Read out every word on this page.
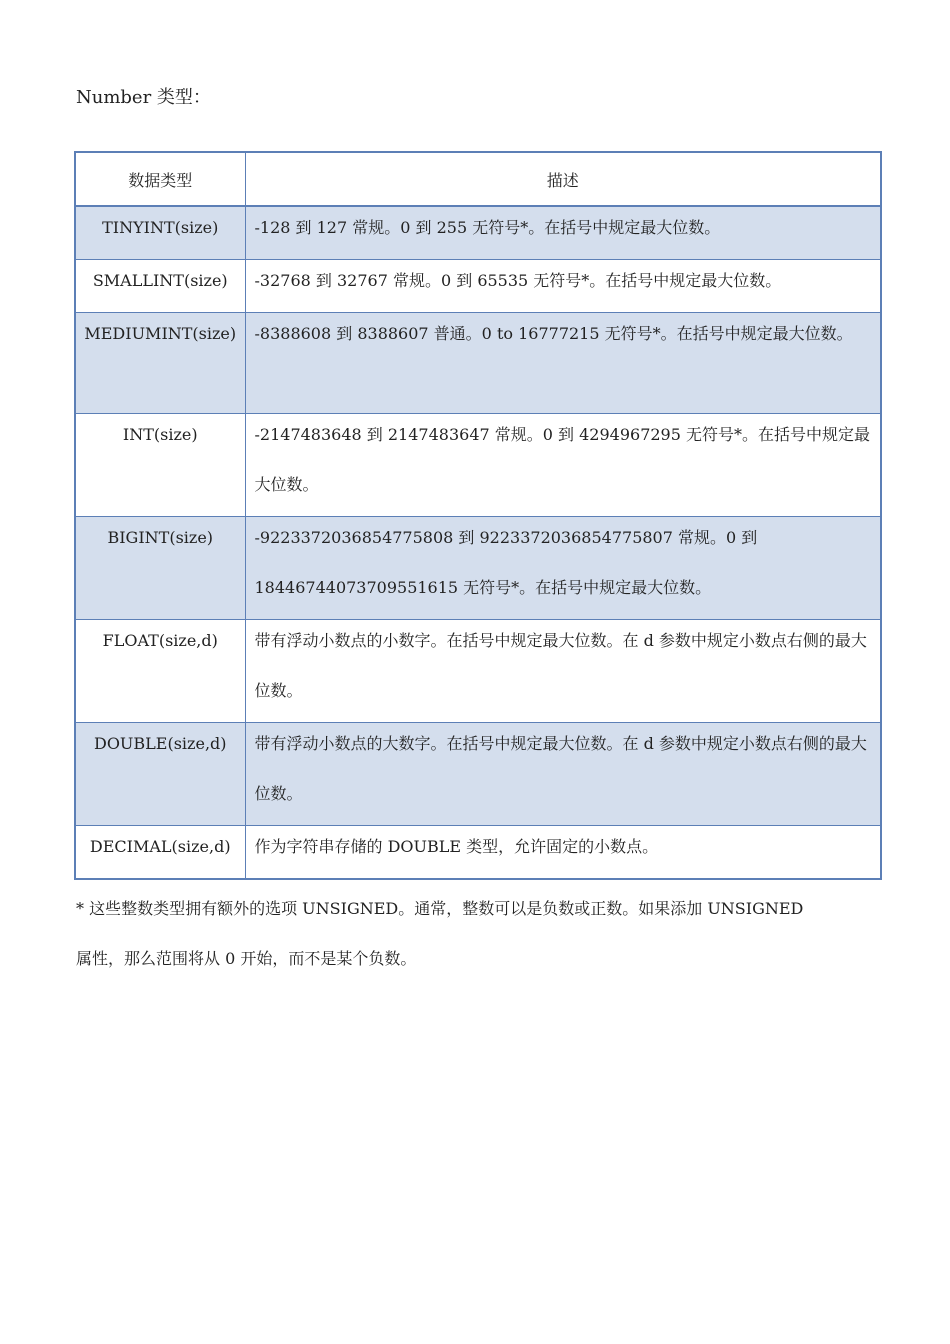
Number 类型：
数据类型	描述

TINYINT(size)	-128 到 127 常规。0 到 255 无符号*。在括号中规定最大位数。

SMALLINT(size)	-32768 到 32767 常规。0 到 65535 无符号*。在括号中规定最大位数。

MEDIUMINT(size)	-8388608 到 8388607 普通。0 to 16777215 无符号*。在括号中规定最大位数。

INT(size)	-2147483648 到 2147483647 常规。0 到 4294967295 无符号*。在括号中规定最大位数。

BIGINT(size)	-9223372036854775808 到 9223372036854775807 常规。0 到 18446744073709551615 无符号*。在括号中规定最大位数。

FLOAT(size,d)	带有浮动小数点的小数字。在括号中规定最大位数。在 d 参数中规定小数点右侧的最大位数。

DOUBLE(size,d)	带有浮动小数点的大数字。在括号中规定最大位数。在 d 参数中规定小数点右侧的最大位数。

DECIMAL(size,d)	作为字符串存储的 DOUBLE 类型，允许固定的小数点。
* 这些整数类型拥有额外的选项 UNSIGNED。通常，整数可以是负数或正数。如果添加 UNSIGNED 属性，那么范围将从 0 开始，而不是某个负数。
